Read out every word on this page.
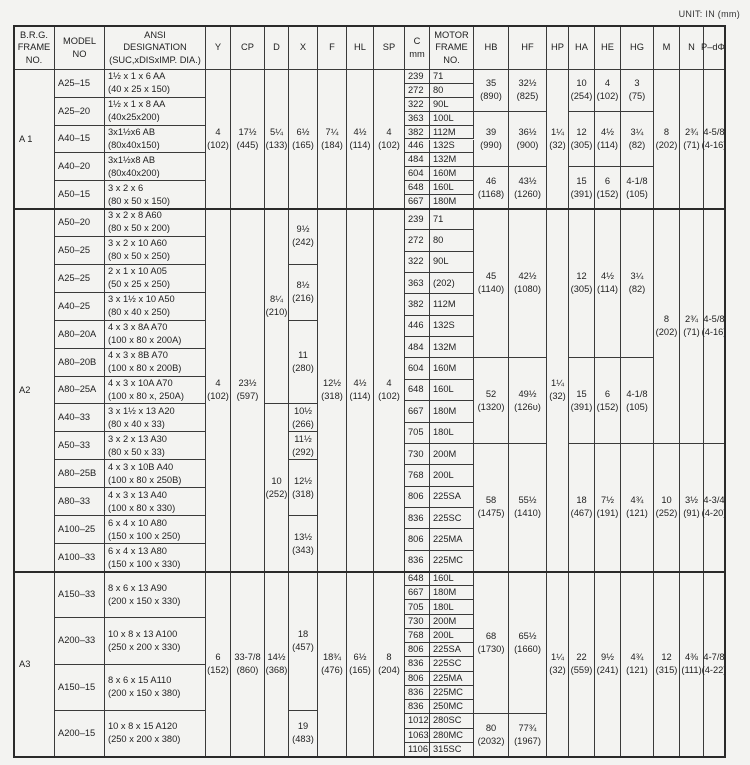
UNIT: IN (mm)
B.R.G.
FRAME
NO.
MODEL
NO
ANSI
DESIGNATION
(SUC,xDISxIMP. DIA.)
Y CP D X F HL SP
C
mm
MOTOR
FRAME
NO.
HB	HF HP HA HE HG M N P–dΦ
A 1
A25–15
1½ x 1 x 6 AA
(40 x 25 x 150)
A25–20
1½ x 1 x 8 AA
(40x25x200)
A40–15
3x1½x6 AB
(80x40x150)
A40–20
3x1½x8 AB
(80x40x200)
A50–15
3 x 2 x 6
(80 x 50 x 150)
239 71
272 80
322 90L
363 100L
382 112M
446 132S
484 132M
604 160M
648 160L
667 180M
4
(102)
17½
(445)
7¼
(184)
4½
(114)
4
(102)
35
(890)
39
(990)
46
(1168)
32½
(825)
36½
(900)
43½
(1260)
1¼
(32)
10
(254)
12
(305)
15
(391)
4
(102)
4½
(114)
6
(152)
3
(75)
3¼
(82)
4-1/8
(105)
5¼
(133)
6½
(165)
8
(202)
2¾
(71)
4-5/8
(4-16)
A2
A50–20
3 x 2 x 8 A60
(80 x 50 x 200)
A50–25
3 x 2 x 10 A60
(80 x 50 x 250)
A25–25
2 x 1 x 10 A05
(50 x 25 x 250)
A40–25
3 x 1½ x 10 A50
(80 x 40 x 250)
A80–20A
4 x 3 x 8A A70
(100 x 80 x 200A)
A80–20B
4 x 3 x 8B A70
(100 x 80 x 200B)
A80–25A
4 x 3 x 10A A70
(100 x 80 x, 250A)
A40–33
3 x 1½ x 13 A20
(80 x 40 x 33)
A50–33
3 x 2 x 13 A30
(80 x 50 x 33)
A80–25B
4 x 3 x 10B A40
(100 x 80 x 250B)
A80–33
4 x 3 x 13 A40
(100 x 80 x 330)
A100–25
6 x 4 x 10 A80
(150 x 100 x 250)
A100–33
6 x 4 x 13 A80
(150 x 100 x 330)
239 71
272 80
322 90L
363 (202)
382 112M
446 132S
484 132M
604 160M
648 160L
667 180M
705 180L
730 200M
768 200L
806 225SA
836 225SC
806 225MA
836 225MC
4
(102)
23½
(597)
12½
(318)
4½
(114)
4
(102)
45
(1140)
52
(1320)
58
(1475)
42½
(1080)
49½
(126υ)
55½
(1410)
1¼
(32)
12
(305)
15
(391)
18
(467)
4½
(114)
6
(152)
7½
(191)
3¼
(82)
4-1/8
(105)
4¾
(121)
8¼
(210)
10
(252)
9½
(242)
8½
(216)
11
(280)
10½
(266)
11½
(292)
12½
(318)
13½
(343)
8
(202)
10
(252)
2¾
(71)
3½
(91)
4-5/8
(4-16)
4-3/4
(4-20)
A3
A150–33
8 x 6 x 13 A90
(200 x 150 x 330)
A200–33
10 x 8 x 13 A100
(250 x 200 x 330)
A150–15
8 x 6 x 15 A110
(200 x 150 x 380)
A200–15
10 x 8 x 15 A120
(250 x 200 x 380)
648 160L
667 180M
705 180L
730 200M
768 200L
806 225SA
836 225SC
806 225MA
836 225MC
836 250MC
1012 280SC
1063 280MC
1106 315SC
6
(152)
33-7/8
(860)
18¾
(476)
6½
(165)
8
(204)
68
(1730)
80
(2032)
65½
(1660)
77¾
(1967)
1¼
(32)
22
(559)
9½
(241)
4¾
(121)
14½
(368)
18
(457)
19
(483)
12
(315)
4⅜
(111)
4-7/8
(4-22)
